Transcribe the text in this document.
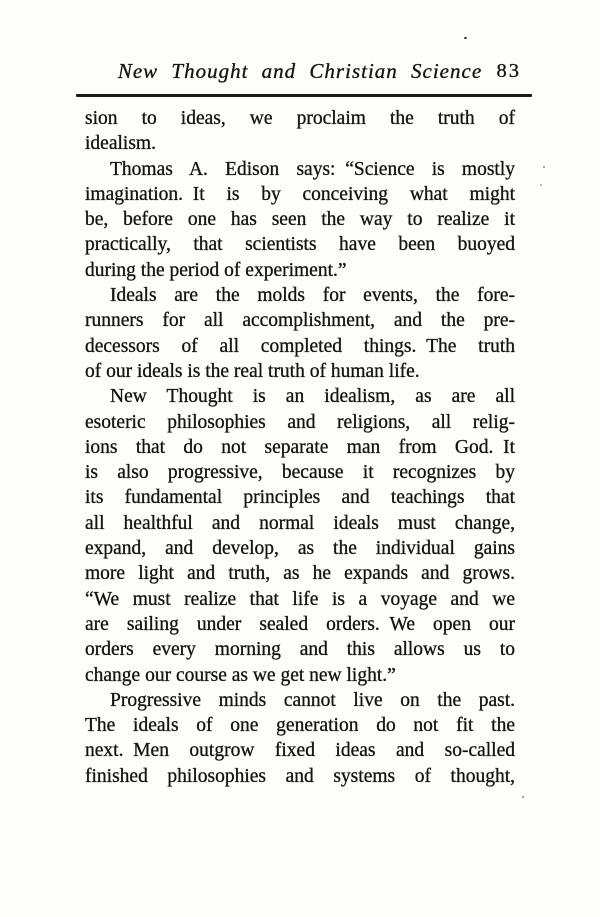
New Thought and Christian Science 83
sion to ideas, we proclaim the truth of
idealism.
Thomas A. Edison says: “Science is mostly
imagination. It is by conceiving what might
be, before one has seen the way to realize it
practically, that scientists have been buoyed
during the period of experiment.”
Ideals are the molds for events, the fore-
runners for all accomplishment, and the pre-
decessors of all completed things. The truth
of our ideals is the real truth of human life.
New Thought is an idealism, as are all
esoteric philosophies and religions, all relig-
ions that do not separate man from God. It
is also progressive, because it recognizes by
its fundamental principles and teachings that
all healthful and normal ideals must change,
expand, and develop, as the individual gains
more light and truth, as he expands and grows.
“We must realize that life is a voyage and we
are sailing under sealed orders. We open our
orders every morning and this allows us to
change our course as we get new light.”
Progressive minds cannot live on the past.
The ideals of one generation do not fit the
next. Men outgrow fixed ideas and so-called
finished philosophies and systems of thought,
